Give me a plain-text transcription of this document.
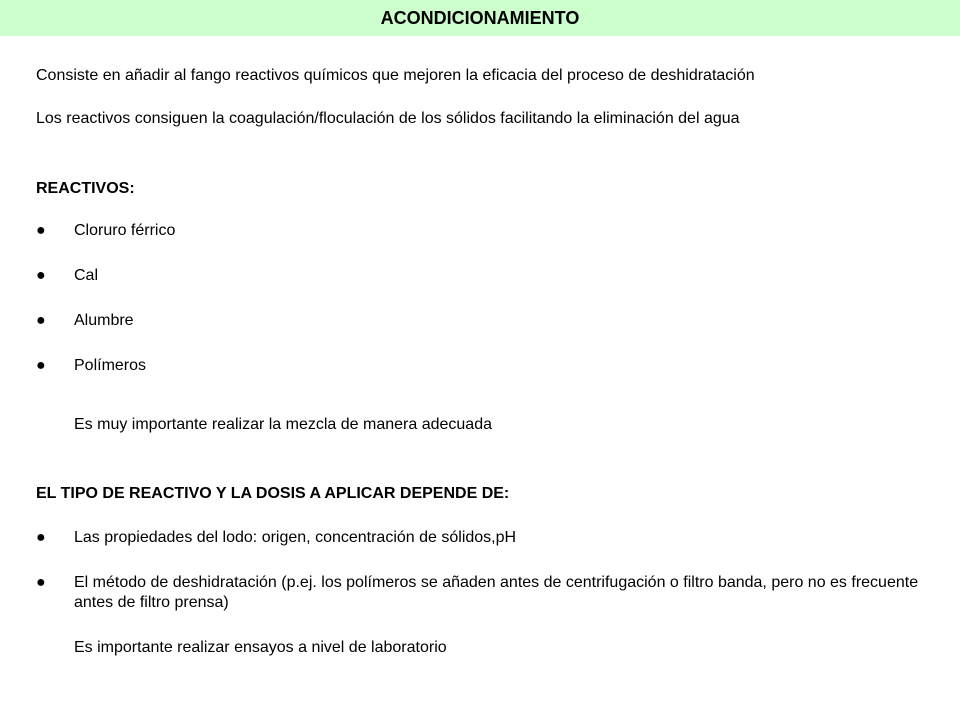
ACONDICIONAMIENTO
Consiste en añadir al fango reactivos químicos que mejoren la eficacia del proceso de deshidratación
Los reactivos consiguen la coagulación/floculación de los sólidos facilitando la eliminación del agua
REACTIVOS:
● Cloruro férrico
● Cal
● Alumbre
● Polímeros
Es muy importante realizar la mezcla de manera adecuada
EL TIPO DE REACTIVO Y LA DOSIS A APLICAR DEPENDE DE:
● Las propiedades del lodo: origen, concentración de sólidos,pH
● El método de deshidratación (p.ej. los polímeros se añaden antes de centrifugación o filtro banda, pero no es frecuente antes de filtro prensa)
Es importante realizar ensayos a nivel de laboratorio
